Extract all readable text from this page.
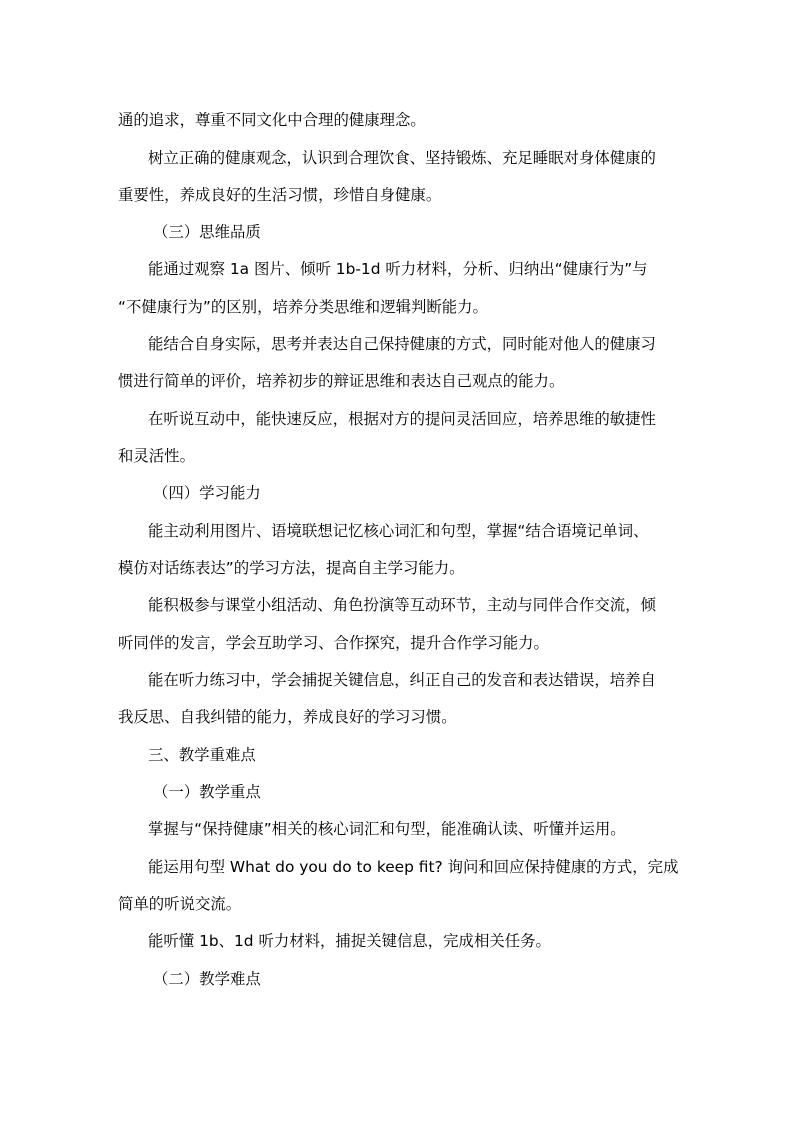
通的追求，尊重不同文化中合理的健康理念。

树立正确的健康观念，认识到合理饮食、坚持锻炼、充足睡眠对身体健康的

重要性，养成良好的生活习惯，珍惜自身健康。

（三）思维品质

能通过观察 1a 图片、倾听 1b-1d 听力材料，分析、归纳出“健康行为”与

“不健康行为”的区别，培养分类思维和逻辑判断能力。

能结合自身实际，思考并表达自己保持健康的方式，同时能对他人的健康习

惯进行简单的评价，培养初步的辩证思维和表达自己观点的能力。

在听说互动中，能快速反应，根据对方的提问灵活回应，培养思维的敏捷性

和灵活性。

（四）学习能力

能主动利用图片、语境联想记忆核心词汇和句型，掌握“结合语境记单词、

模仿对话练表达”的学习方法，提高自主学习能力。

能积极参与课堂小组活动、角色扮演等互动环节，主动与同伴合作交流，倾

听同伴的发言，学会互助学习、合作探究，提升合作学习能力。

能在听力练习中，学会捕捉关键信息，纠正自己的发音和表达错误，培养自

我反思、自我纠错的能力，养成良好的学习习惯。

三、教学重难点

（一）教学重点

掌握与“保持健康”相关的核心词汇和句型，能准确认读、听懂并运用。

能运用句型 What do you do to keep fit? 询问和回应保持健康的方式，完成

简单的听说交流。

能听懂 1b、1d 听力材料，捕捉关键信息，完成相关任务。

（二）教学难点
